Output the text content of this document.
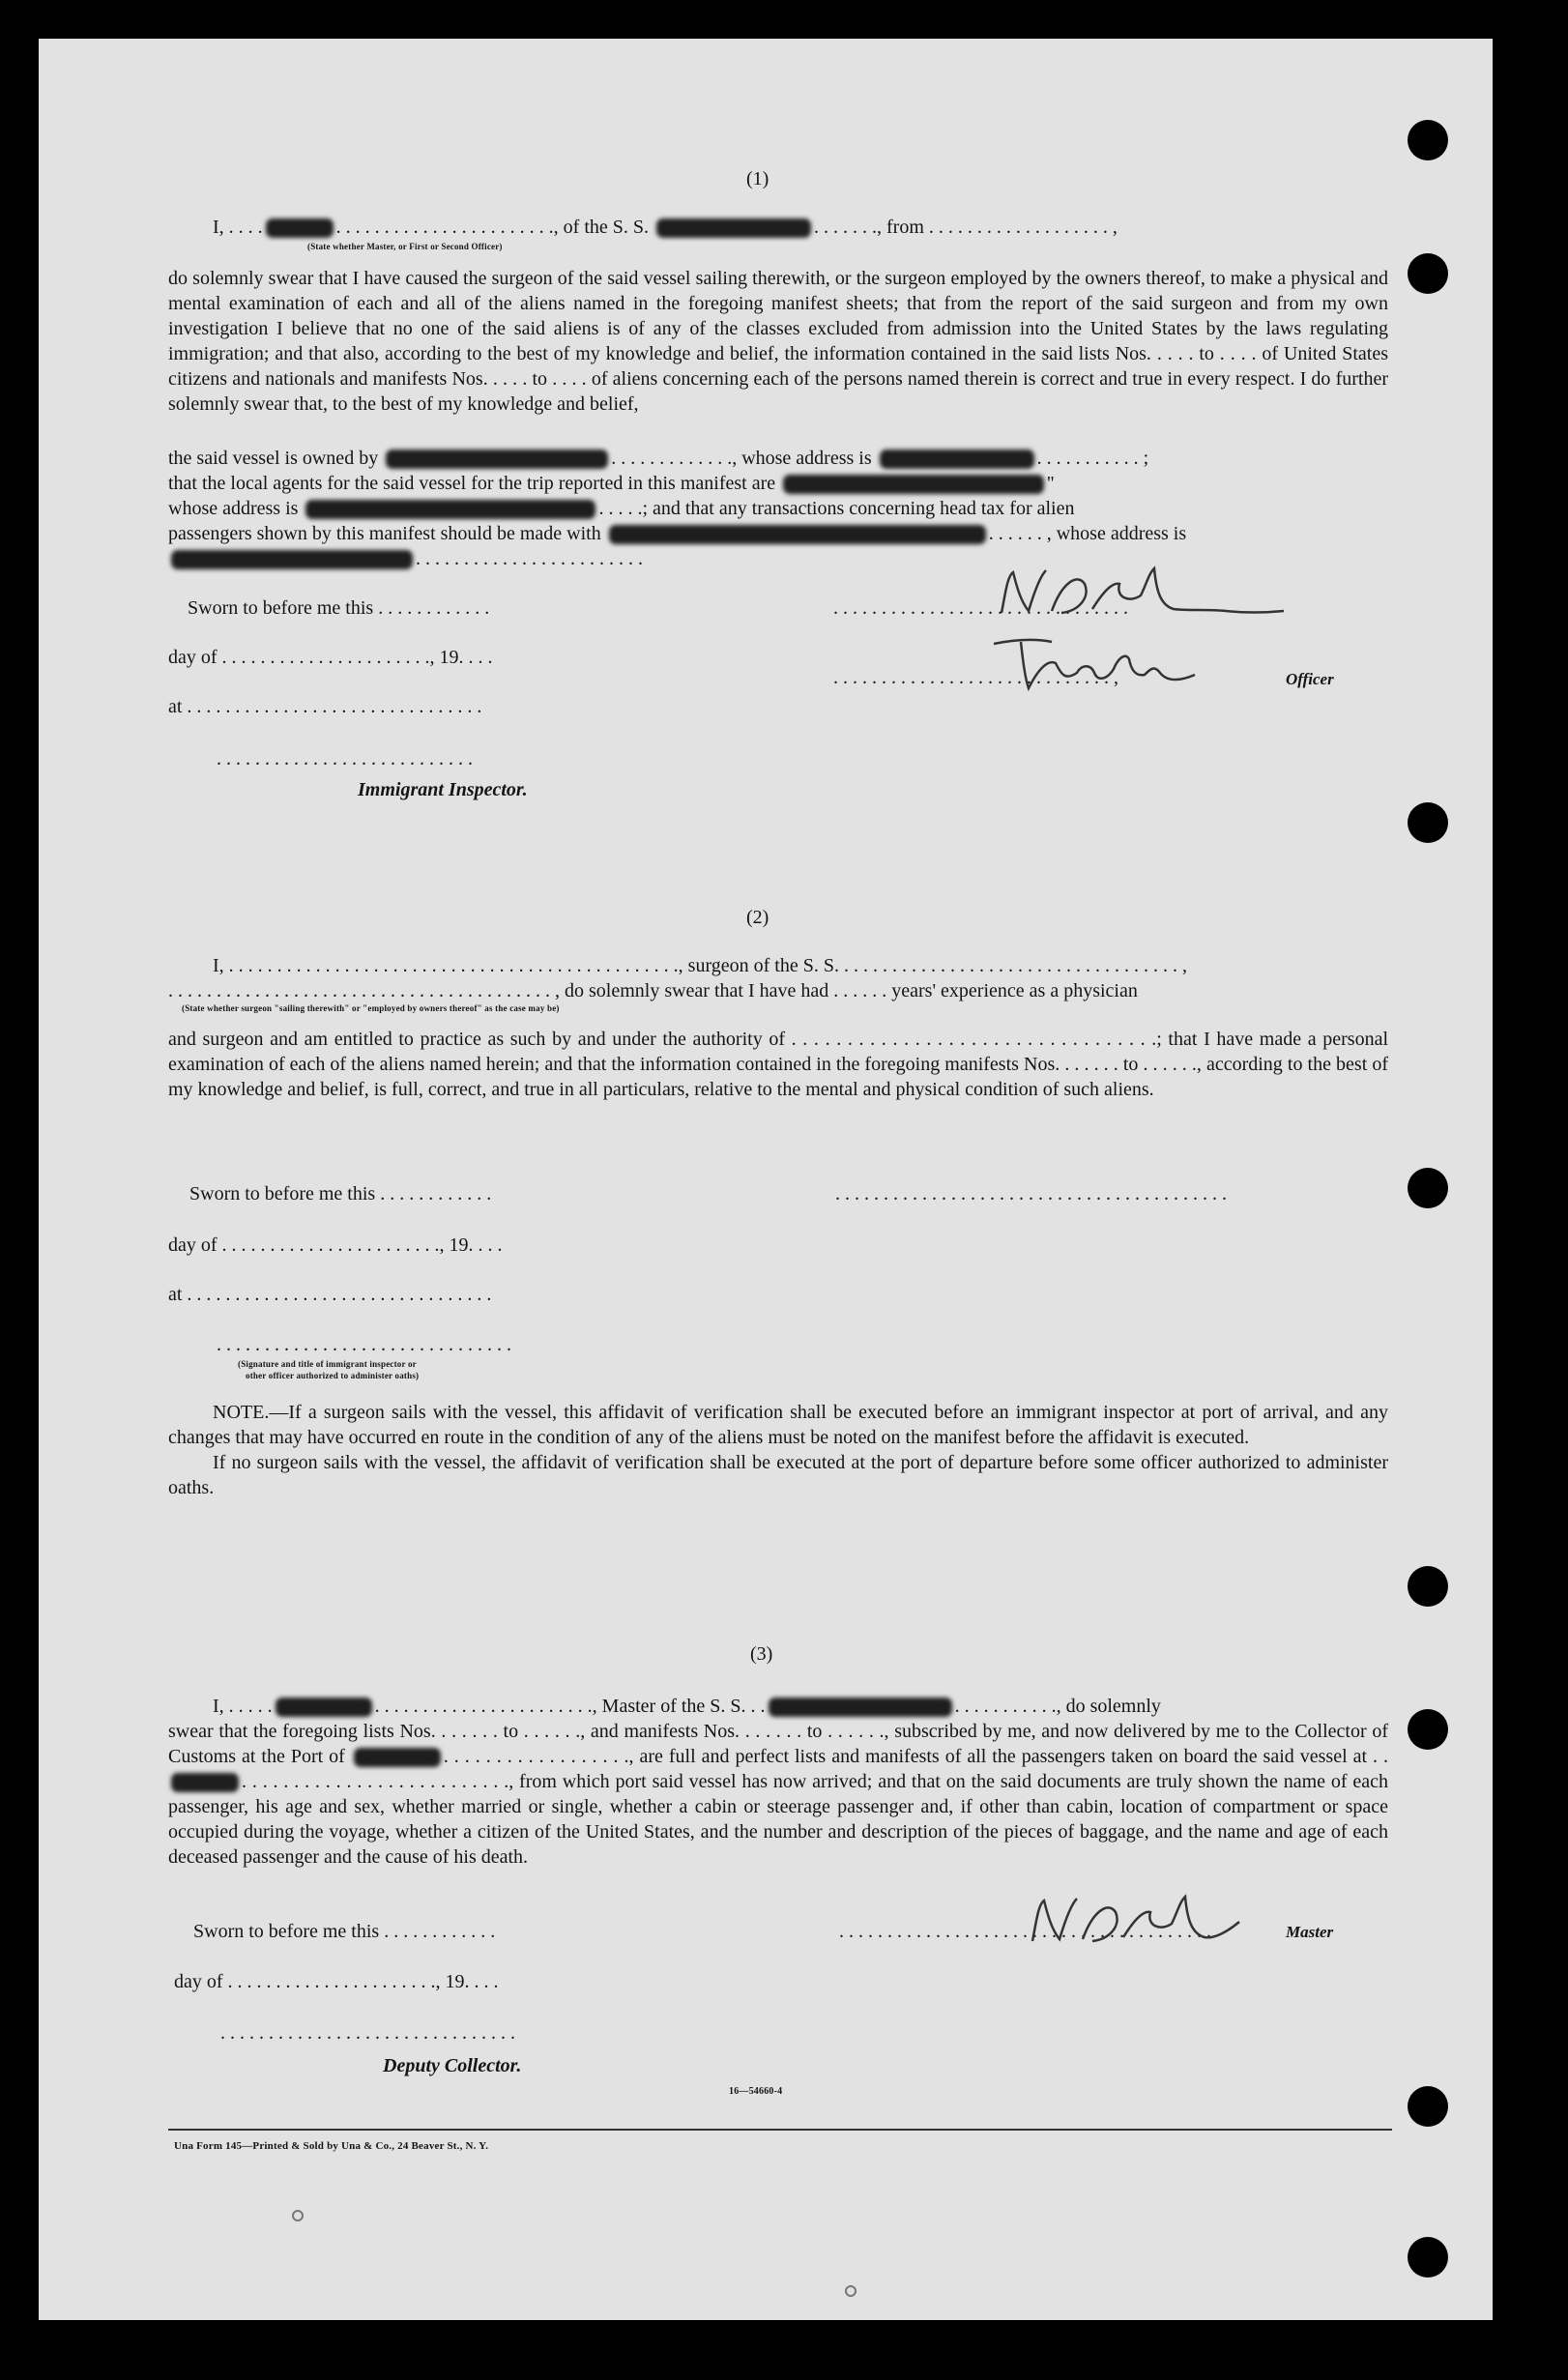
(1)
I, . . . .	. . . . . . . . . . . . . . . . . . . . . . ., of the S. S.	. . . . . . ., from . . . . . . . . . . . . . . . . . . . ,
(State whether Master, or First or Second Officer)

do solemnly swear that I have caused the surgeon of the said vessel sailing therewith, or the surgeon employed by the owners thereof, to make a physical and mental examination of each and all of the aliens named in the foregoing manifest sheets; that from the report of the said surgeon and from my own investigation I believe that no one of the said aliens is of any of the classes excluded from admission into the United States by the laws regulating immigration; and that also, according to the best of my knowledge and belief, the information contained in the said lists Nos. . . . . to . . . . of United States citizens and nationals and manifests Nos. . . . . to . . . . of aliens concerning each of the persons named therein is correct and true in every respect. I do further solemnly swear that, to the best of my knowledge and belief,

the said vessel is owned by	. . . . . . . . . . . . ., whose address is	. . . . . . . . . . . ;
that the local agents for the said vessel for the trip reported in this manifest are	''
whose address is	. . . . .; and that any transactions concerning head tax for alien
passengers shown by this manifest should be made with	. . . . . . , whose address is
. . . . . . . . . . . . . . . . . . . . . . . .
Sworn to before me this . . . . . . . . . . . .	. . . . . . . . . . . . . . . . . . . . . . . . . . . . . . .
day of . . . . . . . . . . . . . . . . . . . . . ., 19. . . .
. . . . . . . . . . . . . . . . . . . . . . . . . . . . . ,	Officer
at . . . . . . . . . . . . . . . . . . . . . . . . . . . . . . .
. . . . . . . . . . . . . . . . . . . . . . . . . . .
Immigrant Inspector.
(2)
I, . . . . . . . . . . . . . . . . . . . . . . . . . . . . . . . . . . . . . . . . . . . . . . ., surgeon of the S. S. . . . . . . . . . . . . . . . . . . . . . . . . . . . . . . . . . . . ,
. . . . . . . . . . . . . . . . . . . . . . . . . . . . . . . . . . . . . . . . , do solemnly swear that I have had . . . . . . years' experience as a physician
(State whether surgeon "sailing therewith" or "employed by owners thereof" as the case may be)

and surgeon and am entitled to practice as such by and under the authority of . . . . . . . . . . . . . . . . . . . . . . . . . . . . . . . . .; that I have made a personal examination of each of the aliens named herein; and that the information contained in the foregoing manifests Nos. . . . . . . to . . . . . ., according to the best of my knowledge and belief, is full, correct, and true in all particulars, relative to the mental and physical condition of such aliens.

Sworn to before me this . . . . . . . . . . . .	. . . . . . . . . . . . . . . . . . . . . . . . . . . . . . . . . . . . . . . . .
day of . . . . . . . . . . . . . . . . . . . . . . ., 19. . . .
at . . . . . . . . . . . . . . . . . . . . . . . . . . . . . . . .
. . . . . . . . . . . . . . . . . . . . . . . . . . . . . . .
(Signature and title of immigrant inspector or
other officer authorized to administer oaths)

NOTE.—If a surgeon sails with the vessel, this affidavit of verification shall be executed before an immigrant inspector at port of arrival, and any changes that may have occurred en route in the condition of any of the aliens must be noted on the manifest before the affidavit is executed.

If no surgeon sails with the vessel, the affidavit of verification shall be executed at the port of departure before some officer authorized to administer oaths.

(3)
I, . . . . .	. . . . . . . . . . . . . . . . . . . . . . ., Master of the S. S. . .	. . . . . . . . . . ., do solemnly

swear that the foregoing lists Nos. . . . . . . to . . . . . ., and manifests Nos. . . . . . . to . . . . . ., subscribed by me, and now delivered by me to the Collector of Customs at the Port of	. . . . . . . . . . . . . . . . . ., are full and perfect lists and manifests of all the passengers taken on board the said vessel at . .. . . . . . . . . . . . . . . . . . . . . . . . . ., from which port said vessel has now arrived; and that on the said documents are truly shown the name of each passenger, his age and sex, whether married or single, whether a cabin or steerage passenger and, if other than cabin, location of compartment or space occupied during the voyage, whether a citizen of the United States, and the number and description of the pieces of baggage, and the name and age of each deceased passenger and the cause of his death.

Sworn to before me this . . . . . . . . . . . .	. . . . . . . . . . . . . . . . . . . . . . . . . . . . . . . . . . . . . . .	Master
day of . . . . . . . . . . . . . . . . . . . . . ., 19. . . .
. . . . . . . . . . . . . . . . . . . . . . . . . . . . . . .
Deputy Collector.
16—54660-4
Una Form 145—Printed & Sold by Una & Co., 24 Beaver St., N. Y.
